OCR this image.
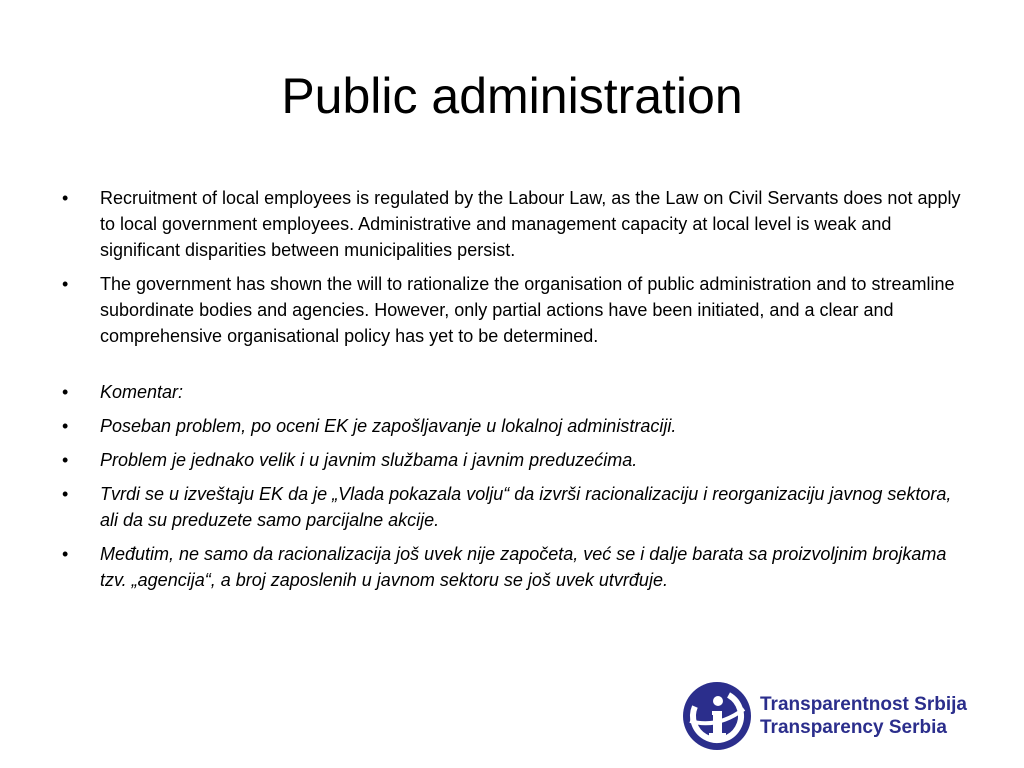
Public administration
•	Recruitment of local employees is regulated by the Labour Law, as the Law on Civil Servants does not apply to local government employees. Administrative and management capacity at local level is weak and significant disparities between municipalities persist.
•	The government has shown the will to rationalize the organisation of public administration and to streamline subordinate bodies and agencies. However, only partial actions have been initiated, and a clear and comprehensive organisational policy has yet to be determined.
•	Komentar:
•	Poseban problem, po oceni EK je zapošljavanje u lokalnoj administraciji.
•	Problem je jednako velik i u javnim službama i javnim preduzećima.
•	Tvrdi se u izveštaju EK da je „Vlada pokazala volju“ da izvrši racionalizaciju i reorganizaciju javnog sektora, ali da su preduzete samo parcijalne akcije.
•	Međutim, ne samo da racionalizacija još uvek nije započeta, već se i dalje barata sa proizvoljnim brojkama tzv. „agencija“, a broj zaposlenih u javnom sektoru se još uvek utvrđuje.
Transparentnost Srbija
Transparency Serbia
